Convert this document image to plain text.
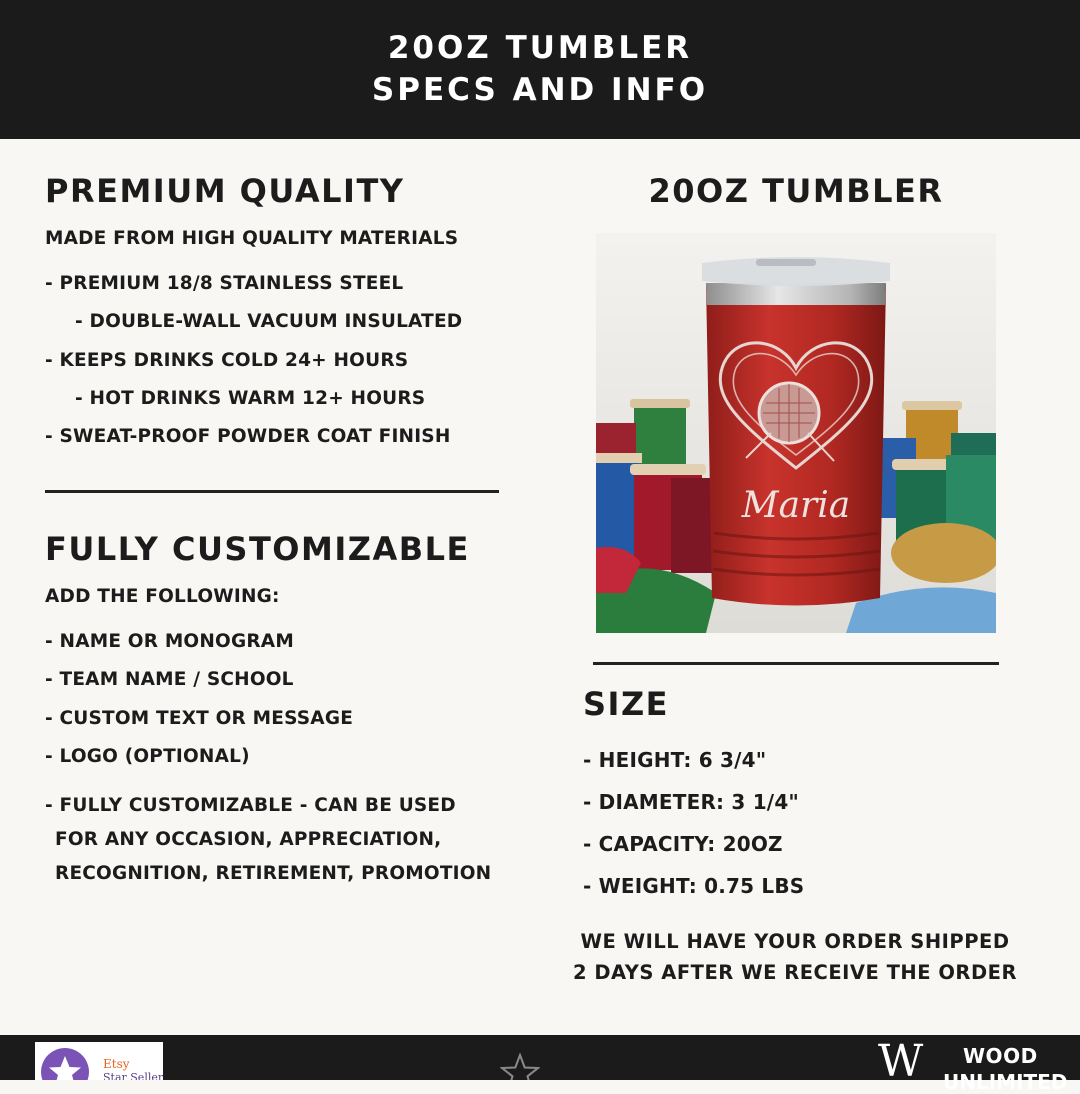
20OZ TUMBLER
SPECS AND INFO
PREMIUM QUALITY
MADE FROM HIGH QUALITY MATERIALS
- PREMIUM 18/8 STAINLESS STEEL
- DOUBLE-WALL VACUUM INSULATED
- KEEPS DRINKS COLD 24+ HOURS
- HOT DRINKS WARM 12+ HOURS
- SWEAT-PROOF POWDER COAT FINISH
FULLY CUSTOMIZABLE
ADD THE FOLLOWING:
- NAME OR MONOGRAM
- TEAM NAME / SCHOOL
- CUSTOM TEXT OR MESSAGE
- LOGO (OPTIONAL)
- FULLY CUSTOMIZABLE - CAN BE USED
FOR ANY OCCASION, APPRECIATION,
RECOGNITION, RETIREMENT, PROMOTION
20OZ TUMBLER
Maria
SIZE
- HEIGHT: 6 3/4"
- DIAMETER: 3 1/4"
- CAPACITY: 20OZ
- WEIGHT: 0.75 LBS
WE WILL HAVE YOUR ORDER SHIPPED
2 DAYS AFTER WE RECEIVE THE ORDER
Etsy
Star Seller	W WOOD
UNLIMITED
